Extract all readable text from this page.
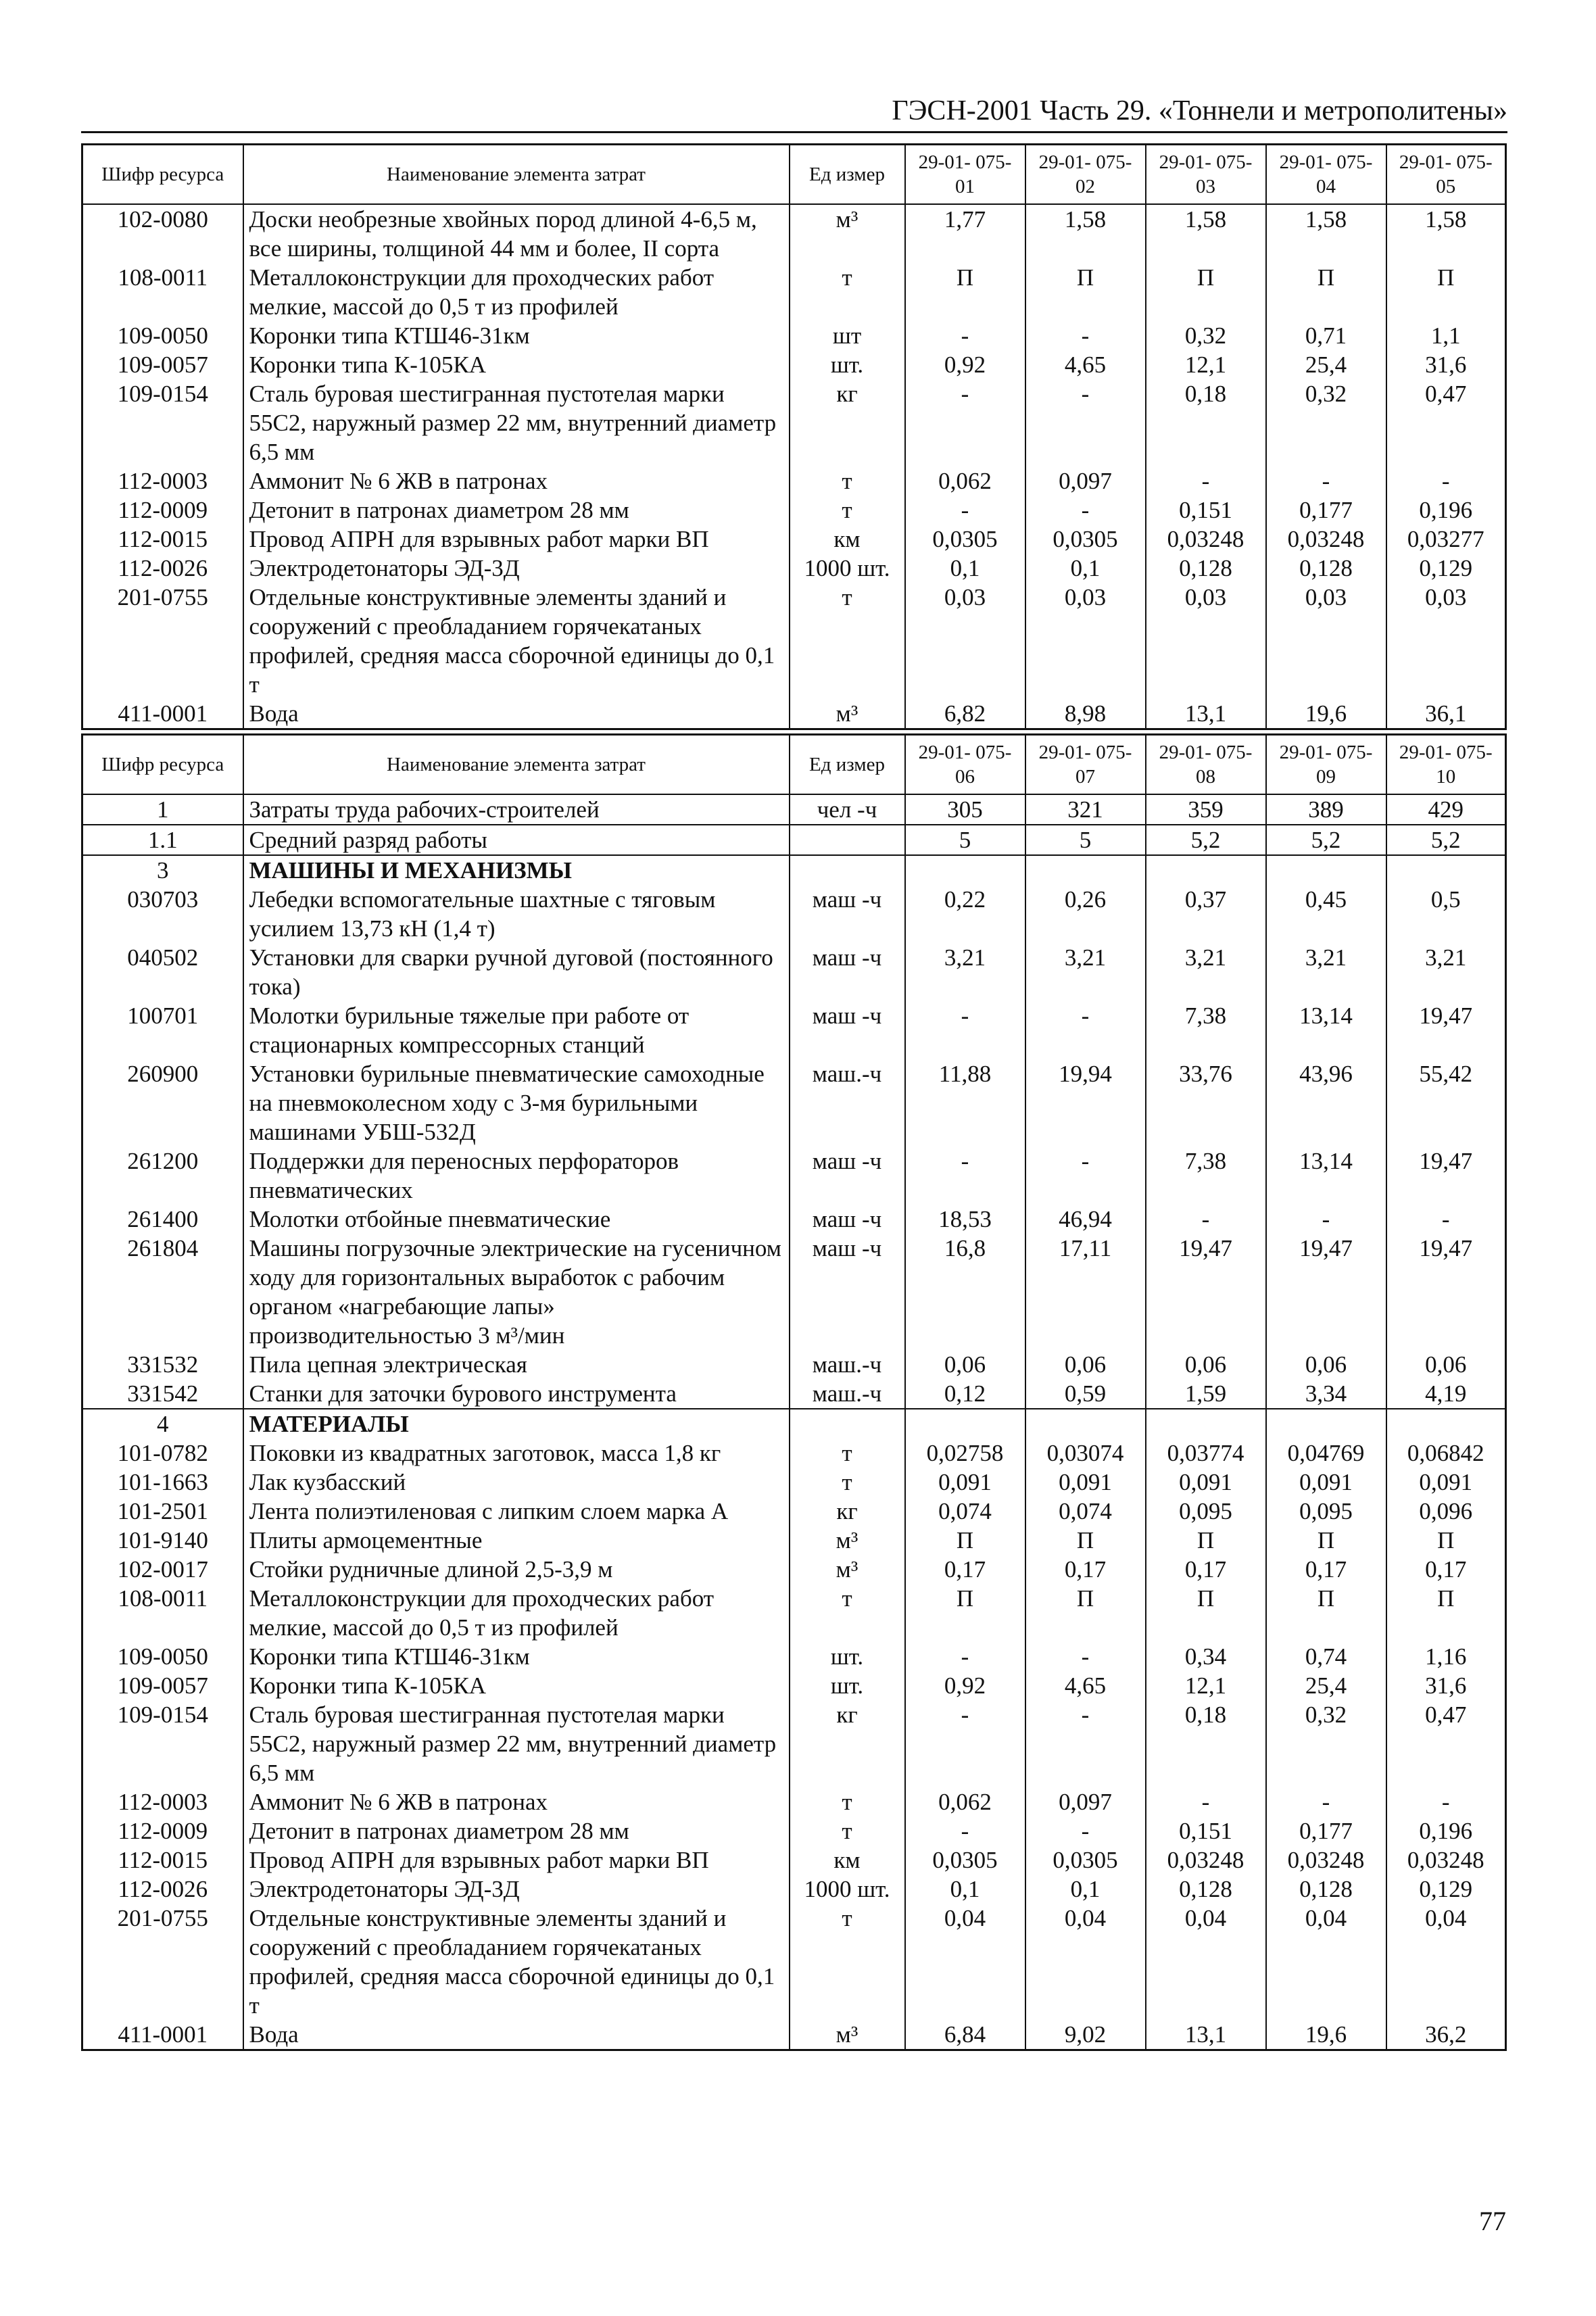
ГЭСН-2001 Часть 29. «Тоннели и метрополитены»
Шифр ресурса	Наименование элемента затрат	Ед измер	29-01- 075-01	29-01- 075-02	29-01- 075-03	29-01- 075-04	29-01- 075-05
102-0080	Доски необрезные хвойных пород длиной 4-6,5 м, все ширины, толщиной 44 мм и более, II сорта	м³	1,77	1,58	1,58	1,58	1,58
108-0011	Металлоконструкции для проходческих работ мелкие, массой до 0,5 т из профилей	т	П	П	П	П	П
109-0050	Коронки типа КТШ46-31км	шт	-	-	0,32	0,71	1,1
109-0057	Коронки типа К-105КА	шт.	0,92	4,65	12,1	25,4	31,6
109-0154	Сталь буровая шестигранная пустотелая марки 55С2, наружный размер 22 мм, внутренний диаметр 6,5 мм	кг	-	-	0,18	0,32	0,47
112-0003	Аммонит № 6 ЖВ в патронах	т	0,062	0,097	-	-	-
112-0009	Детонит в патронах диаметром 28 мм	т	-	-	0,151	0,177	0,196
112-0015	Провод АПРН для взрывных работ марки ВП	км	0,0305	0,0305	0,03248	0,03248	0,03277
112-0026	Электродетонаторы ЭД-3Д	1000 шт.	0,1	0,1	0,128	0,128	0,129
201-0755	Отдельные конструктивные элементы зданий и сооружений с преобладанием горячекатаных профилей, средняя масса сборочной единицы до 0,1 т	т	0,03	0,03	0,03	0,03	0,03
411-0001	Вода	м³	6,82	8,98	13,1	19,6	36,1
Шифр ресурса	Наименование элемента затрат	Ед измер	29-01- 075-06	29-01- 075-07	29-01- 075-08	29-01- 075-09	29-01- 075-10
1	Затраты труда рабочих-строителей	чел -ч	305	321	359	389	429
1.1	Средний разряд работы		5	5	5,2	5,2	5,2
3	МАШИНЫ И МЕХАНИЗМЫ						
030703	Лебедки вспомогательные шахтные с тяговым усилием 13,73 кН (1,4 т)	маш -ч	0,22	0,26	0,37	0,45	0,5
040502	Установки для сварки ручной дуговой (постоянного тока)	маш -ч	3,21	3,21	3,21	3,21	3,21
100701	Молотки бурильные тяжелые при работе от стационарных компрессорных станций	маш -ч	-	-	7,38	13,14	19,47
260900	Установки бурильные пневматические самоходные на пневмоколесном ходу с 3-мя бурильными машинами УБШ-532Д	маш.-ч	11,88	19,94	33,76	43,96	55,42
261200	Поддержки для переносных перфораторов пневматических	маш -ч	-	-	7,38	13,14	19,47
261400	Молотки отбойные пневматические	маш -ч	18,53	46,94	-	-	-
261804	Машины погрузочные электрические на гусеничном ходу для горизонтальных выработок с рабочим органом «нагребающие лапы» производительностью 3 м³/мин	маш -ч	16,8	17,11	19,47	19,47	19,47
331532	Пила цепная электрическая	маш.-ч	0,06	0,06	0,06	0,06	0,06
331542	Станки для заточки бурового инструмента	маш.-ч	0,12	0,59	1,59	3,34	4,19
4	МАТЕРИАЛЫ						
101-0782	Поковки из квадратных заготовок, масса 1,8 кг	т	0,02758	0,03074	0,03774	0,04769	0,06842
101-1663	Лак кузбасский	т	0,091	0,091	0,091	0,091	0,091
101-2501	Лента полиэтиленовая с липким слоем марка А	кг	0,074	0,074	0,095	0,095	0,096
101-9140	Плиты армоцементные	м³	П	П	П	П	П
102-0017	Стойки рудничные длиной 2,5-3,9 м	м³	0,17	0,17	0,17	0,17	0,17
108-0011	Металлоконструкции для проходческих работ мелкие, массой до 0,5 т из профилей	т	П	П	П	П	П
109-0050	Коронки типа КТШ46-31км	шт.	-	-	0,34	0,74	1,16
109-0057	Коронки типа К-105КА	шт.	0,92	4,65	12,1	25,4	31,6
109-0154	Сталь буровая шестигранная пустотелая марки 55С2, наружный размер 22 мм, внутренний диаметр 6,5 мм	кг	-	-	0,18	0,32	0,47
112-0003	Аммонит № 6 ЖВ в патронах	т	0,062	0,097	-	-	-
112-0009	Детонит в патронах диаметром 28 мм	т	-	-	0,151	0,177	0,196
112-0015	Провод АПРН для взрывных работ марки ВП	км	0,0305	0,0305	0,03248	0,03248	0,03248
112-0026	Электродетонаторы ЭД-3Д	1000 шт.	0,1	0,1	0,128	0,128	0,129
201-0755	Отдельные конструктивные элементы зданий и сооружений с преобладанием горячекатаных профилей, средняя масса сборочной единицы до 0,1 т	т	0,04	0,04	0,04	0,04	0,04
411-0001	Вода	м³	6,84	9,02	13,1	19,6	36,2
77
